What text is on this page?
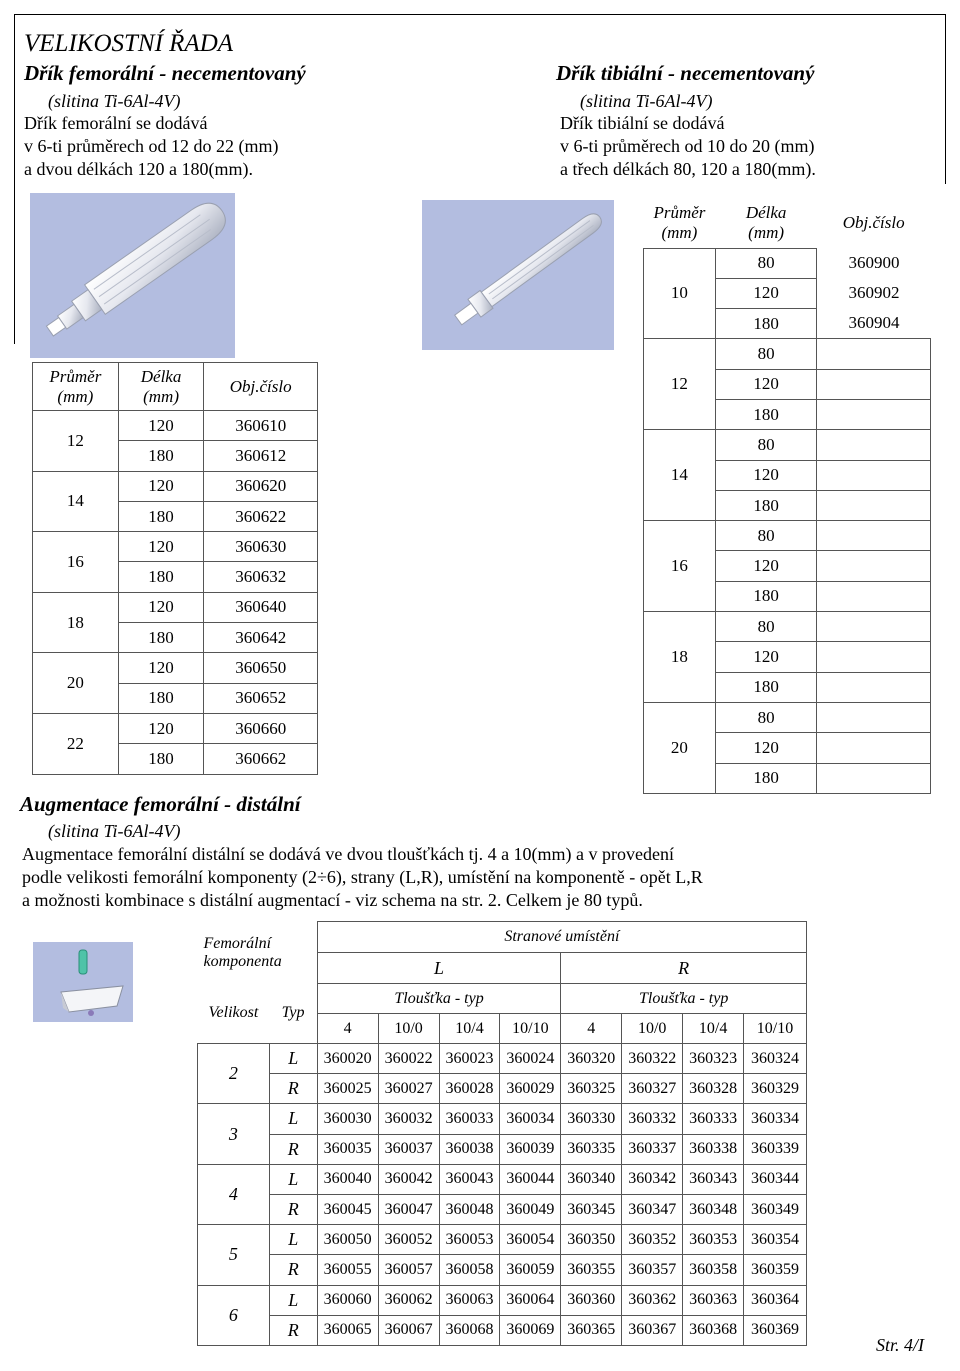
VELIKOSTNÍ ŘADA
Dřík femorální - necementovaný
(slitina Ti-6Al-4V)
Dřík femorální se dodává
v 6-ti průměrech od 12 do 22 (mm)
a dvou délkách 120 a 180(mm).
Dřík tibiální - necementovaný
(slitina Ti-6Al-4V)
Dřík tibiální se dodává
v 6-ti průměrech od 10 do 20 (mm)
a třech délkách 80, 120 a 180(mm).
Průměr
(mm)	Délka
(mm)	Obj.číslo
12	120	360610
	180	360612
14	120	360620
	180	360622
16	120	360630
	180	360632
18	120	360640
	180	360642
20	120	360650
	180	360652
22	120	360660
	180	360662
Průměr
(mm)	Délka
(mm)	Obj.číslo
10	80	360900
	120	360902
	180	360904
12	80	
	120	
	180	
14	80	
	120	
	180	
16	80	
	120	
	180	
18	80	
	120	
	180	
20	80	
	120	
	180	
Augmentace femorální - distální
(slitina Ti-6Al-4V)
Augmentace femorální distální se dodává ve dvou tloušťkách tj. 4 a 10(mm) a v provedení
podle velikosti femorální komponenty (2÷6), strany (L,R), umístění na komponentě - opět L,R
a možnosti kombinace s distální augmentací - viz schema na str. 2. Celkem je 80 typů.
Femorální
komponenta		Stranové umístění							
		L				R			
Velikost	Typ	Tloušťka - typ				Tloušťka - typ			
		4	10/0	10/4	10/10	4	10/0	10/4	10/10
2	L	360020	360022	360023	360024	360320	360322	360323	360324
	R	360025	360027	360028	360029	360325	360327	360328	360329
3	L	360030	360032	360033	360034	360330	360332	360333	360334
	R	360035	360037	360038	360039	360335	360337	360338	360339
4	L	360040	360042	360043	360044	360340	360342	360343	360344
	R	360045	360047	360048	360049	360345	360347	360348	360349
5	L	360050	360052	360053	360054	360350	360352	360353	360354
	R	360055	360057	360058	360059	360355	360357	360358	360359
6	L	360060	360062	360063	360064	360360	360362	360363	360364
	R	360065	360067	360068	360069	360365	360367	360368	360369
Str. 4/I
